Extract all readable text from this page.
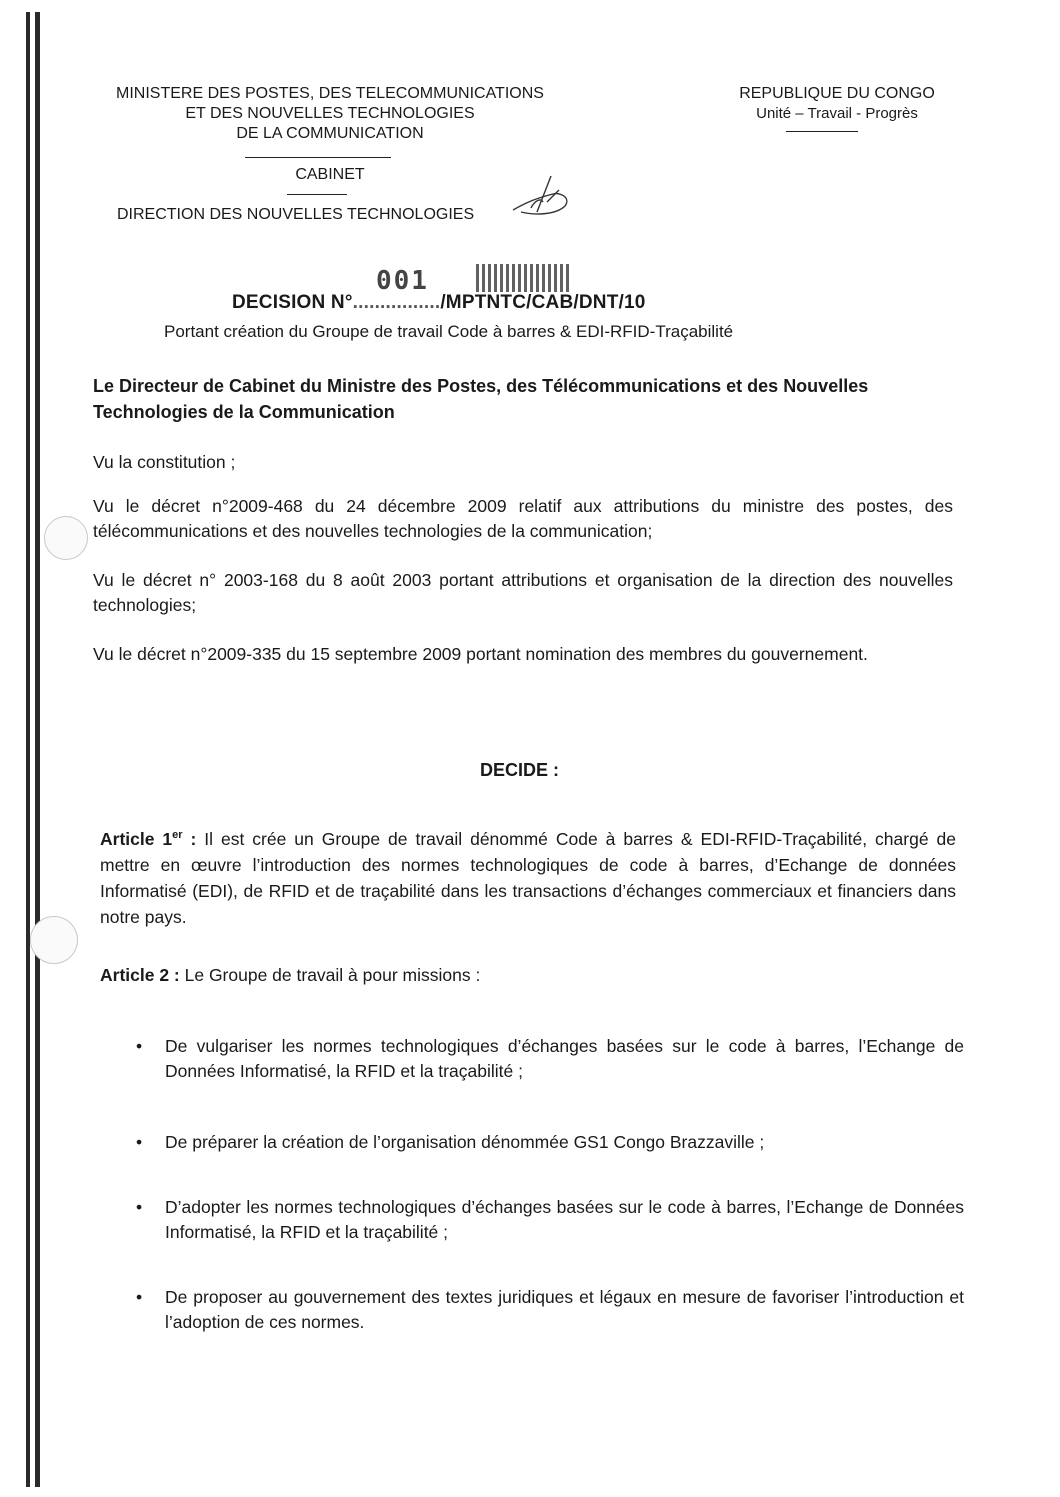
MINISTERE DES POSTES, DES TELECOMMUNICATIONS
ET DES NOUVELLES TECHNOLOGIES
DE LA COMMUNICATION
CABINET
DIRECTION DES NOUVELLES TECHNOLOGIES
REPUBLIQUE DU CONGO
Unité – Travail - Progrès
001
DECISION N°................/MPTNTC/CAB/DNT/10
Portant création du Groupe de travail Code à barres & EDI-RFID-Traçabilité
Le Directeur de Cabinet du Ministre des Postes, des Télécommunications et des Nouvelles Technologies de la Communication
Vu la constitution ;
Vu le décret n°2009-468 du 24 décembre 2009 relatif aux attributions du ministre des postes, des télécommunications et des nouvelles technologies de la communication;
Vu le décret n° 2003-168 du 8 août 2003 portant attributions et organisation de la direction des nouvelles technologies;
Vu le décret n°2009-335 du 15 septembre 2009 portant nomination des membres du gouvernement.
DECIDE :
Article 1er : Il est crée un Groupe de travail dénommé Code à barres & EDI-RFID-Traçabilité, chargé de mettre en œuvre l’introduction des normes technologiques de code à barres, d’Echange de données Informatisé (EDI), de RFID et de traçabilité dans les transactions d’échanges commerciaux et financiers dans notre pays.
Article 2 : Le Groupe de travail à pour missions :
• De vulgariser les normes technologiques d’échanges basées sur le code à barres, l’Echange de Données Informatisé, la RFID et la traçabilité ;
• De préparer la création de l’organisation dénommée GS1 Congo Brazzaville ;
• D’adopter les normes technologiques d’échanges basées sur le code à barres, l’Echange de Données Informatisé, la RFID et la traçabilité ;
• De proposer au gouvernement des textes juridiques et légaux en mesure de favoriser l’introduction et l’adoption de ces normes.
